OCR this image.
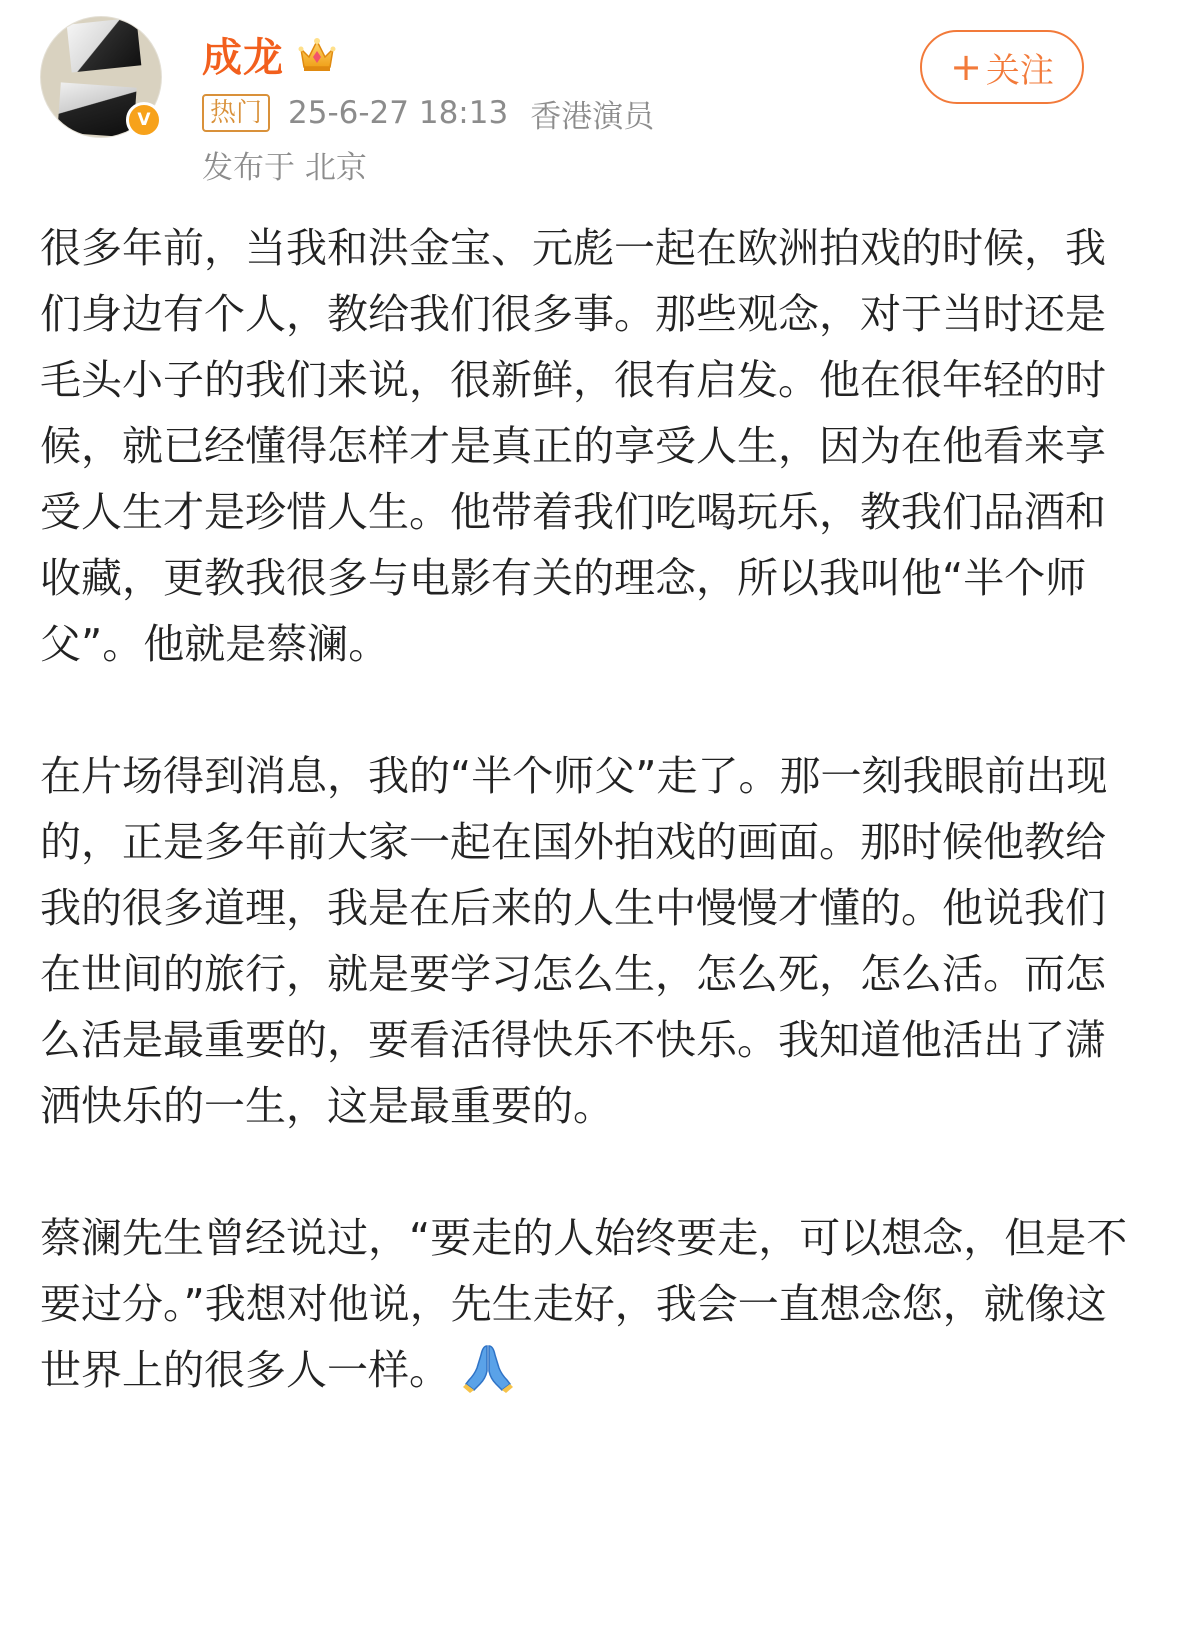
V
成龙
热门 25-6-27 18:13 香港演员
发布于 北京
+ 关注

很多年前，当我和洪金宝、元彪一起在欧洲拍戏的时候，我们身边有个人，教给我们很多事。那些观念，对于当时还是毛头小子的我们来说，很新鲜，很有启发。他在很年轻的时候，就已经懂得怎样才是真正的享受人生，因为在他看来享受人生才是珍惜人生。他带着我们吃喝玩乐，教我们品酒和收藏，更教我很多与电影有关的理念，所以我叫他“半个师父”。他就是蔡澜。

在片场得到消息，我的“半个师父”走了。那一刻我眼前出现的，正是多年前大家一起在国外拍戏的画面。那时候他教给我的很多道理，我是在后来的人生中慢慢才懂的。他说我们在世间的旅行，就是要学习怎么生，怎么死，怎么活。而怎么活是最重要的，要看活得快乐不快乐。我知道他活出了潇洒快乐的一生，这是最重要的。

蔡澜先生曾经说过，“要走的人始终要走，可以想念，但是不要过分。”我想对他说，先生走好，我会一直想念您，就像这世界上的很多人一样。
